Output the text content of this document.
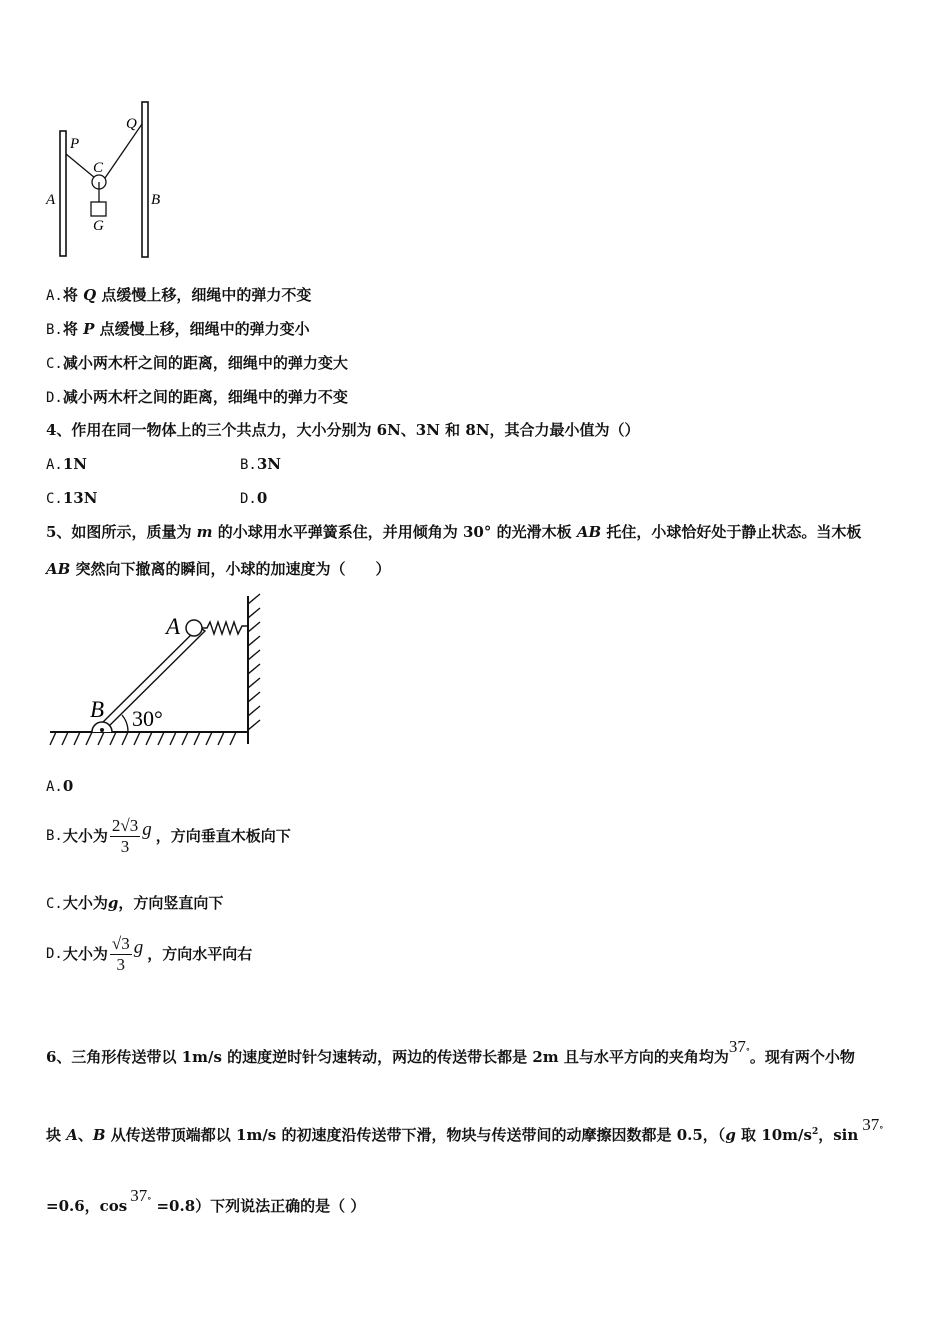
P
Q
C
A	B
G
A.将 Q 点缓慢上移，细绳中的弹力不变
B.将 P 点缓慢上移，细绳中的弹力变小
C.减小两木杆之间的距离，细绳中的弹力变大
D.减小两木杆之间的距离，细绳中的弹力不变
4、作用在同一物体上的三个共点力，大小分别为 6N、3N 和 8N，其合力最小值为（）
A.1N	B.3N
C.13N	D.0
5、如图所示，质量为 m 的小球用水平弹簧系住，并用倾角为 30° 的光滑木板 AB 托住，小球恰好处于静止状态。当木板
AB 突然向下撤离的瞬间，小球的加速度为（　　）
A
B 30°
A.0
B. 大小为 $\frac{2√3}{3}$ g ，方向垂直木板向下
C.大小为g，方向竖直向下
D. 大小为 $\frac{√3}{3}$ g ，方向水平向右
6、三角形传送带以 1m/s 的速度逆时针匀速转动，两边的传送带长都是 2m 且与水平方向的夹角均为37°。现有两个小物
块 A、B 从传送带顶端都以 1m/s 的初速度沿传送带下滑，物块与传送带间的动摩擦因数都是 0.5，（g 取 $10m/s^2$，sin37°
=0.6，cos37° =0.8）下列说法正确的是（ ）
